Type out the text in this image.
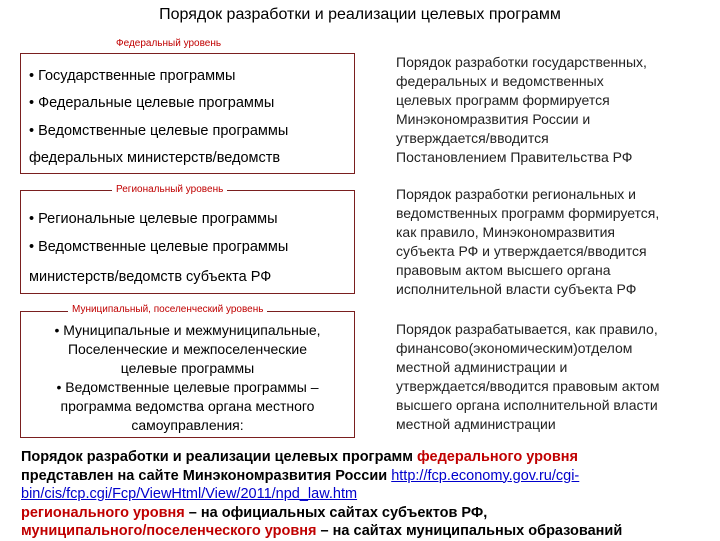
Порядок разработки и реализации целевых программ
• Государственные программы
• Федеральные целевые программы
• Ведомственные целевые программы
федеральных министерств/ведомств
Федеральный уровень
• Региональные целевые программы
• Ведомственные целевые программы
министерств/ведомств субъекта РФ
Региональный уровень
• Муниципальные и межмуниципальные,
Поселенческие и межпоселенческие
целевые программы
• Ведомственные целевые программы –
программа ведомства органа местного
самоуправления:
Муниципальный, поселенческий уровень
Порядок разработки государственных,
федеральных и ведомственных
целевых программ формируется
Минэкономразвития России и
утверждается/вводится
Постановлением Правительства РФ
Порядок разработки региональных и
ведомственных программ формируется,
как правило, Минэкономразвития
субъекта РФ и утверждается/вводится
правовым актом высшего органа
исполнительной власти субъекта РФ
Порядок разрабатывается, как правило,
финансово(экономическим)отделом
местной администрации и
утверждается/вводится правовым актом
высшего органа исполнительной власти
местной администрации
Порядок разработки и реализации целевых программ федерального уровня
представлен на сайте Минэкономразвития России http://fcp.economy.gov.ru/cgi-
bin/cis/fcp.cgi/Fcp/ViewHtml/View/2011/npd_law.htm
регионального уровня – на официальных сайтах субъектов РФ,
муниципального/поселенческого уровня – на сайтах муниципальных образований
